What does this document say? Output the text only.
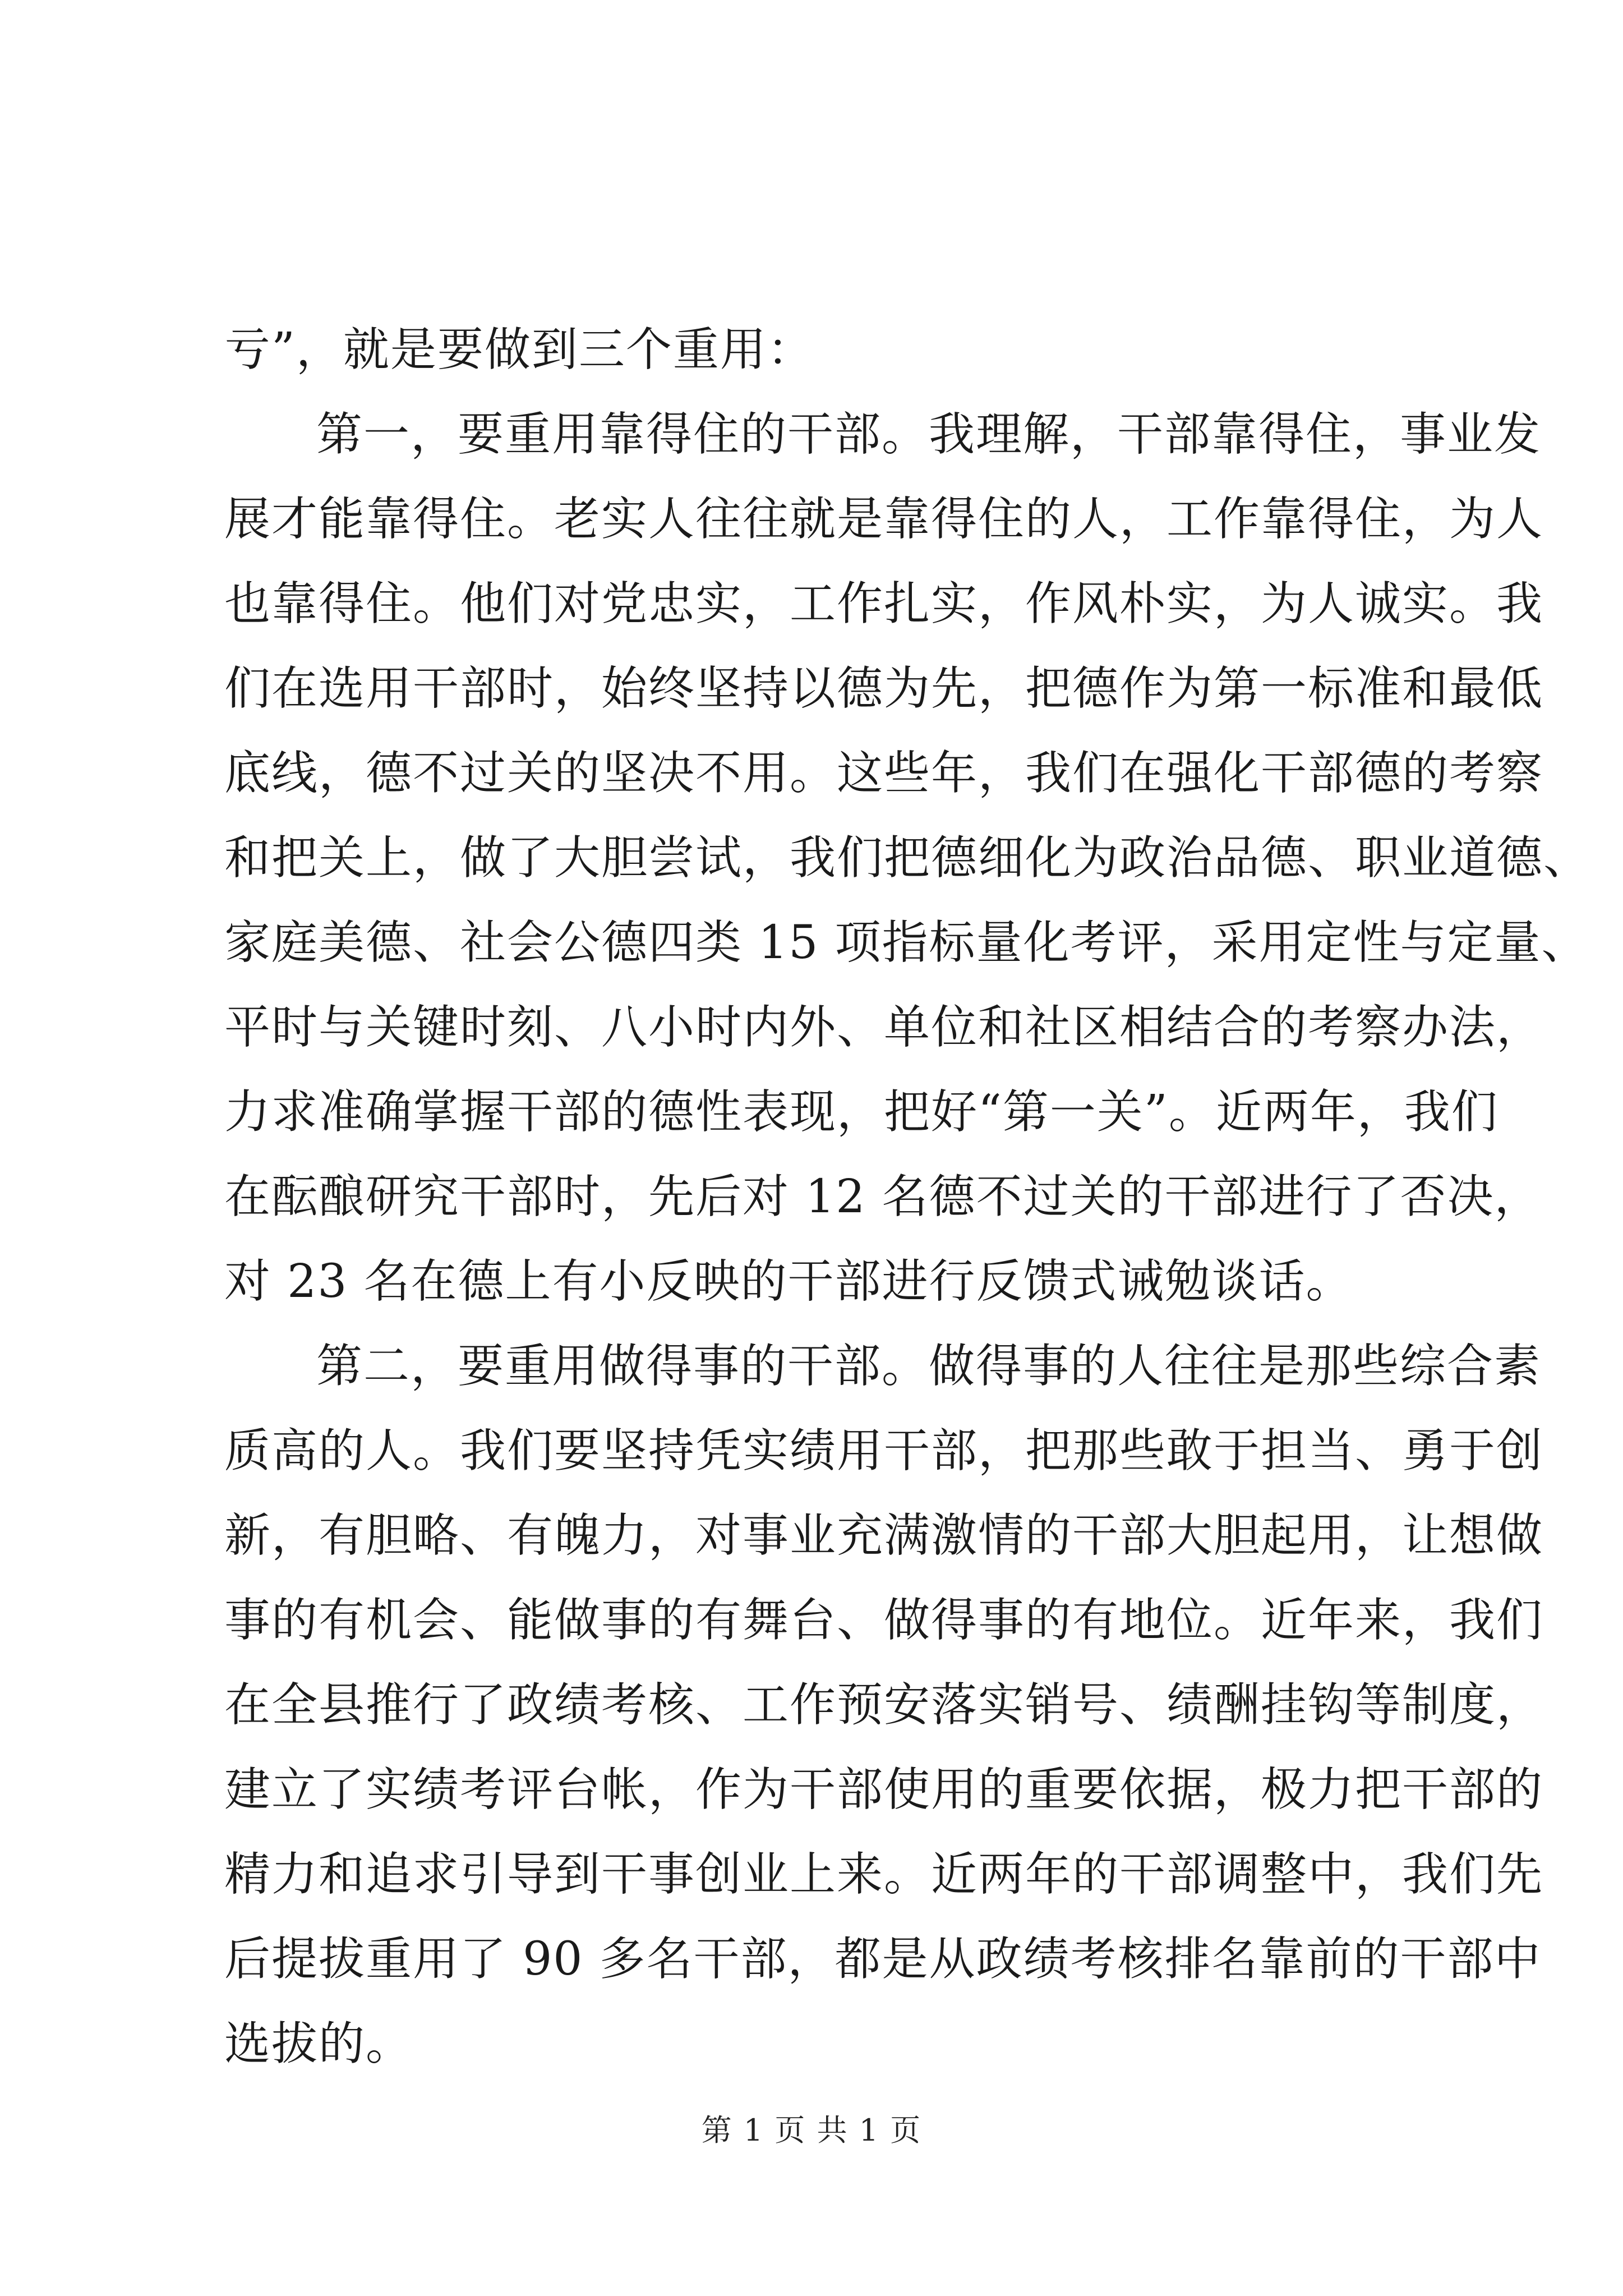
亏”，就是要做到三个重用：
第一，要重用靠得住的干部。我理解，干部靠得住，事业发
展才能靠得住。老实人往往就是靠得住的人，工作靠得住，为人
也靠得住。他们对党忠实，工作扎实，作风朴实，为人诚实。我
们在选用干部时，始终坚持以德为先，把德作为第一标准和最低
底线，德不过关的坚决不用。这些年，我们在强化干部德的考察
和把关上，做了大胆尝试，我们把德细化为政治品德、职业道德、
家庭美德、社会公德四类 15 项指标量化考评，采用定性与定量、
平时与关键时刻、八小时内外、单位和社区相结合的考察办法，
力求准确掌握干部的德性表现，把好“第一关”。近两年，我们
在酝酿研究干部时，先后对 12 名德不过关的干部进行了否决，
对 23 名在德上有小反映的干部进行反馈式诫勉谈话。
第二，要重用做得事的干部。做得事的人往往是那些综合素
质高的人。我们要坚持凭实绩用干部，把那些敢于担当、勇于创
新，有胆略、有魄力，对事业充满激情的干部大胆起用，让想做
事的有机会、能做事的有舞台、做得事的有地位。近年来，我们
在全县推行了政绩考核、工作预安落实销号、绩酬挂钩等制度，
建立了实绩考评台帐，作为干部使用的重要依据，极力把干部的
精力和追求引导到干事创业上来。近两年的干部调整中，我们先
后提拔重用了 90 多名干部，都是从政绩考核排名靠前的干部中
选拔的。
第 1 页 共 1 页
